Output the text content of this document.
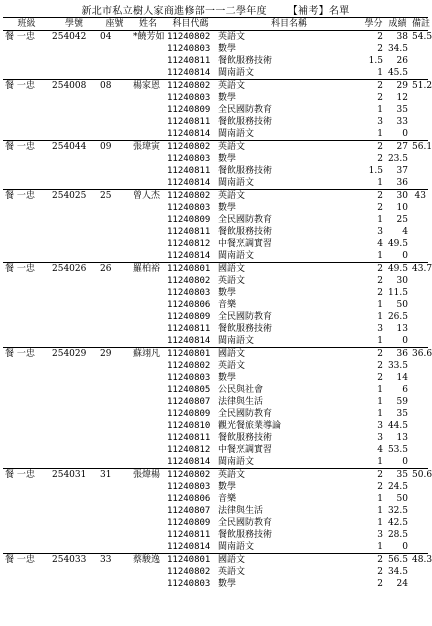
新北市私立樹人家商進修部一一二學年度 【補考】名單
班級	學號	座號	姓名	科目代碼	科目名稱	學分	成績	備註
餐 一忠	254042	04	*饒芳如	11240802	英語文	2	38	54.5
				11240803	數學	2	34.5	
				11240811	餐飲服務技術	1.5	26	
				11240814	閩南語文	1	45.5	
餐 一忠	254008	08	楊家恩	11240802	英語文	2	29	51.2
				11240803	數學	2	12	
				11240809	全民國防教育	1	35	
				11240811	餐飲服務技術	3	33	
				11240814	閩南語文	1	0	
餐 一忠	254044	09	張瑋寅	11240802	英語文	2	27	56.1
				11240803	數學	2	23.5	
				11240811	餐飲服務技術	1.5	37	
				11240814	閩南語文	1	36	
餐 一忠	254025	25	曾人杰	11240802	英語文	2	30	43
				11240803	數學	2	10	
				11240809	全民國防教育	1	25	
				11240811	餐飲服務技術	3	4	
				11240812	中餐烹調實習	4	49.5	
				11240814	閩南語文	1	0	
餐 一忠	254026	26	羅柏裕	11240801	國語文	2	49.5	43.7
				11240802	英語文	2	30	
				11240803	數學	2	11.5	
				11240806	音樂	1	50	
				11240809	全民國防教育	1	26.5	
				11240811	餐飲服務技術	3	13	
				11240814	閩南語文	1	0	
餐 一忠	254029	29	蘇翊凡	11240801	國語文	2	36	36.6
				11240802	英語文	2	33.5	
				11240803	數學	2	14	
				11240805	公民與社會	1	6	
				11240807	法律與生活	1	59	
				11240809	全民國防教育	1	35	
				11240810	觀光餐旅業導論	3	44.5	
				11240811	餐飲服務技術	3	13	
				11240812	中餐烹調實習	4	53.5	
				11240814	閩南語文	1	0	
餐 一忠	254031	31	張煒楊	11240802	英語文	2	35	50.6
				11240803	數學	2	24.5	
				11240806	音樂	1	50	
				11240807	法律與生活	1	32.5	
				11240809	全民國防教育	1	42.5	
				11240811	餐飲服務技術	3	28.5	
				11240814	閩南語文	1	0	
餐 一忠	254033	33	蔡駿逸	11240801	國語文	2	56.5	48.3
				11240802	英語文	2	34.5	
				11240803	數學	2	24	
